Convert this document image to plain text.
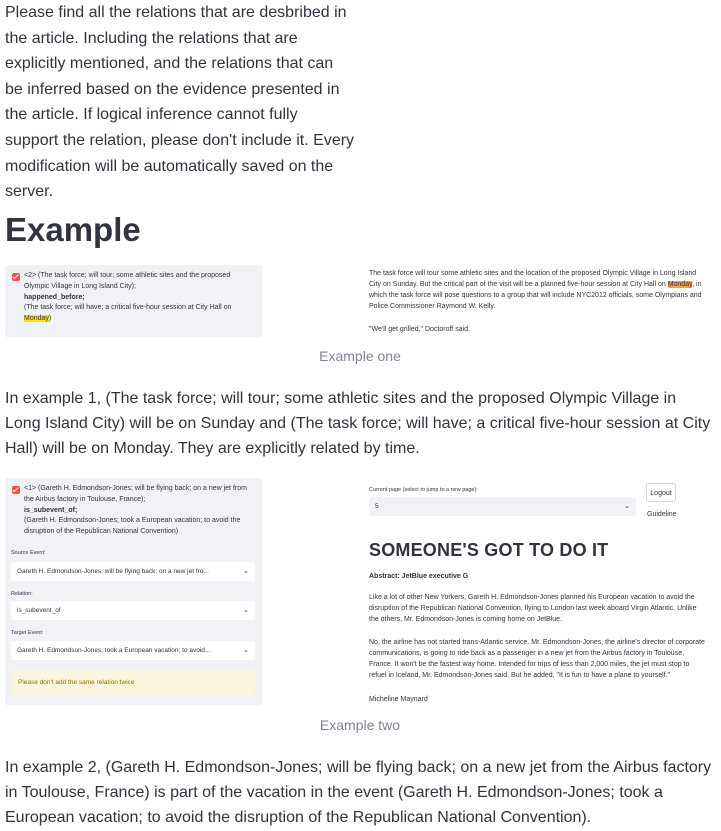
Please find all the relations that are desbribed in the article. Including the relations that are explicitly mentioned, and the relations that can be inferred based on the evidence presented in the article. If logical inference cannot fully support the relation, please don't include it. Every modification will be automatically saved on the server.

Example
<2> (The task force; will tour; some athletic sites and the proposed Olympic Village in Long Island City);
happened_before;
(The task force; will have; a critical five-hour session at City Hall on Monday)
The task force will tour some athletic sites and the location of the proposed Olympic Village in Long Island City on Sunday. But the critical part of the visit will be a planned five-hour session at City Hall on Monday, in which the task force will pose questions to a group that will include NYC2012 officials, some Olympians and Police Commissioner Raymond W. Kelly.
"We'll get grilled," Doctoroff said.
Example one

In example 1, (The task force; will tour; some athletic sites and the proposed Olympic Village in Long Island City) will be on Sunday and (The task force; will have; a critical five-hour session at City Hall) will be on Monday. They are explicitly related by time.

<1> (Gareth H. Edmondson-Jones; will be flying back; on a new jet from the Airbus factory in Toulouse, France);
is_subevent_of;
(Gareth H. Edmondson-Jones; took a European vacation; to avoid the disruption of the Republican National Convention)
Source Event:
Gareth H. Edmondson-Jones; will be flying back; on a new jet fro...	⌄
Relation:
is_subevent_of	⌄
Target Event:
Gareth H. Edmondson-Jones; took a European vacation; to avoid...	⌄
Please don't add the same relation twice
Current page (select to jump to a new page):
5	⌄
Logout
Guideline
SOMEONE'S GOT TO DO IT
Abstract: JetBlue executive G
Like a lot of other New Yorkers, Gareth H. Edmondson-Jones planned his European vacation to avoid the disruption of the Republican National Convention, flying to London last week aboard Virgin Atlantic. Unlike the others, Mr. Edmondson-Jones is coming home on JetBlue.
No, the airline has not started trans-Atlantic service. Mr. Edmondson-Jones, the airline's director of corporate communications, is going to ride back as a passenger in a new jet from the Airbus factory in Toulouse, France. It won't be the fastest way home. Intended for trips of less than 2,000 miles, the jet must stop to refuel in Iceland, Mr. Edmondson-Jones said. But he added, "It is fun to have a plane to yourself."
Micheline Maynard
Example two

In example 2, (Gareth H. Edmondson-Jones; will be flying back; on a new jet from the Airbus factory in Toulouse, France) is part of the vacation in the event (Gareth H. Edmondson-Jones; took a European vacation; to avoid the disruption of the Republican National Convention).
